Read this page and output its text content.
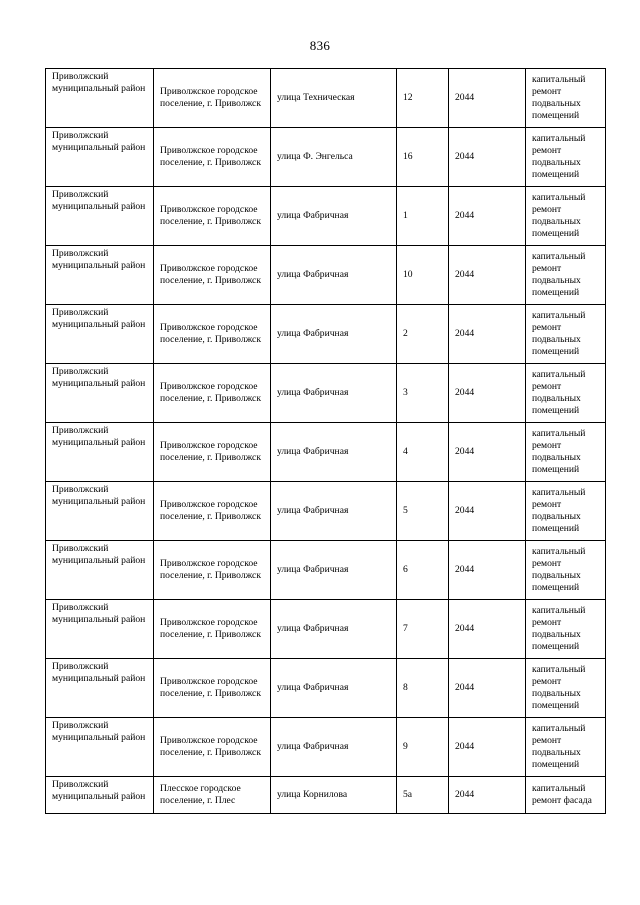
836
Приволжский муниципальный район	Приволжское городское поселение, г. Приволжск	улица Техническая	12	2044	капитальный ремонт подвальных помещений
Приволжский муниципальный район	Приволжское городское поселение, г. Приволжск	улица Ф. Энгельса	16	2044	капитальный ремонт подвальных помещений
Приволжский муниципальный район	Приволжское городское поселение, г. Приволжск	улица Фабричная	1	2044	капитальный ремонт подвальных помещений
Приволжский муниципальный район	Приволжское городское поселение, г. Приволжск	улица Фабричная	10	2044	капитальный ремонт подвальных помещений
Приволжский муниципальный район	Приволжское городское поселение, г. Приволжск	улица Фабричная	2	2044	капитальный ремонт подвальных помещений
Приволжский муниципальный район	Приволжское городское поселение, г. Приволжск	улица Фабричная	3	2044	капитальный ремонт подвальных помещений
Приволжский муниципальный район	Приволжское городское поселение, г. Приволжск	улица Фабричная	4	2044	капитальный ремонт подвальных помещений
Приволжский муниципальный район	Приволжское городское поселение, г. Приволжск	улица Фабричная	5	2044	капитальный ремонт подвальных помещений
Приволжский муниципальный район	Приволжское городское поселение, г. Приволжск	улица Фабричная	6	2044	капитальный ремонт подвальных помещений
Приволжский муниципальный район	Приволжское городское поселение, г. Приволжск	улица Фабричная	7	2044	капитальный ремонт подвальных помещений
Приволжский муниципальный район	Приволжское городское поселение, г. Приволжск	улица Фабричная	8	2044	капитальный ремонт подвальных помещений
Приволжский муниципальный район	Приволжское городское поселение, г. Приволжск	улица Фабричная	9	2044	капитальный ремонт подвальных помещений
Приволжский муниципальный район	Плесское городское поселение, г. Плес	улица Корнилова	5а	2044	капитальный ремонт фасада
